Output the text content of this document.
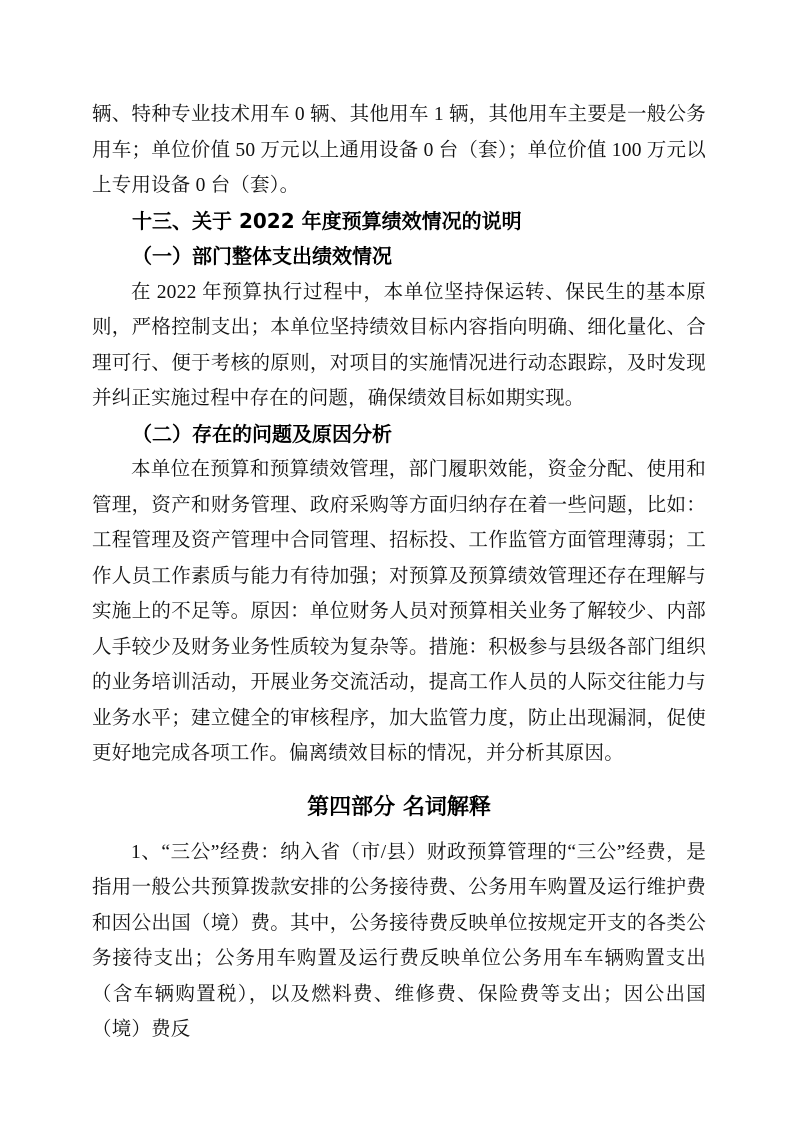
辆、特种专业技术用车 0 辆、其他用车 1 辆，其他用车主要是一般公务用车；单位价值 50 万元以上通用设备 0 台（套）；单位价值 100 万元以上专用设备 0 台（套）。

十三、关于 2022 年度预算绩效情况的说明
（一）部门整体支出绩效情况

在 2022 年预算执行过程中，本单位坚持保运转、保民生的基本原则，严格控制支出；本单位坚持绩效目标内容指向明确、细化量化、合理可行、便于考核的原则，对项目的实施情况进行动态跟踪，及时发现并纠正实施过程中存在的问题，确保绩效目标如期实现。

（二）存在的问题及原因分析

本单位在预算和预算绩效管理，部门履职效能，资金分配、使用和管理，资产和财务管理、政府采购等方面归纳存在着一些问题，比如：工程管理及资产管理中合同管理、招标投、工作监管方面管理薄弱；工作人员工作素质与能力有待加强；对预算及预算绩效管理还存在理解与实施上的不足等。原因：单位财务人员对预算相关业务了解较少、内部人手较少及财务业务性质较为复杂等。措施：积极参与县级各部门组织的业务培训活动，开展业务交流活动，提高工作人员的人际交往能力与业务水平；建立健全的审核程序，加大监管力度，防止出现漏洞，促使更好地完成各项工作。偏离绩效目标的情况，并分析其原因。

第四部分 名词解释

1、“三公”经费：纳入省（市/县）财政预算管理的“三公”经费，是指用一般公共预算拨款安排的公务接待费、公务用车购置及运行维护费和因公出国（境）费。其中，公务接待费反映单位按规定开支的各类公务接待支出；公务用车购置及运行费反映单位公务用车车辆购置支出（含车辆购置税），以及燃料费、维修费、保险费等支出；因公出国（境）费反
